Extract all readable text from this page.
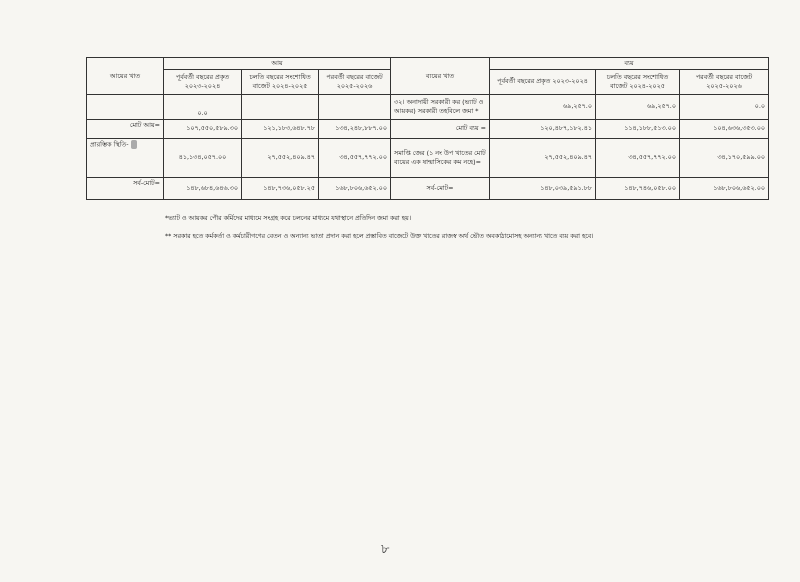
আয়ের খাত	আয়			ব্যয়ের খাত	ব্যয়		
	পূর্ববর্তী বছরের প্রকৃত ২০২৩-২০২৪	চলতি বছরের সংশোধিত বাজেট ২০২৪-২০২৫	পরবর্তী বছরের বাজেট ২০২৫-২০২৬		পূর্ববর্তী বছরের প্রকৃত ২০২৩-২০২৪	চলতি বছরের সংশোধিত বাজেট ২০২৪-২০২৫	পরবর্তী বছরের বাজেট ২০২৫-২০২৬
	০.০			৩২। অনাদায়ী সরকারী কর (ভ্যাট ও আয়কর) সরকারী তহবিলে জমা *	৬৯,২৫৭.০	৬৯,২৫৭.০	০.০
মোট আয়=	১০৭,৫৫০,৫৮৯.৩০	১২১,১৮৩,৬৪৮.৭৮	১৩৪,২৪৮,৮৮৭.০০	মোট ব্যয় =	১২০,৪৮৭,১৮২.৪১	১১৪,১৮৮,৫১৩.০০	১০৪,৬৩৬,৩৫৩.০০
প্রারম্ভিক স্থিতি-	৪১,১৩৪,০৫৭.০০	২৭,৫৫২,৪০৯.৪৭	৩৪,৫৫৭,৭৭২.০০	সমাপ্তি জের (১ নং উপ খাতের মোট ব্যয়ের এক ষান্মাসিকের কম নহে)=	২৭,৫৫২,৪০৯.৪৭	৩৪,৫৫৭,৭৭২.০০	৩৪,১৭০,৫৯৯.০০
সর্ব-মোট=	১৪৮,৬৮৪,৬৪৬.৩০	১৪৮,৭৩৬,০৫৮.২৫	১৬৮,৮০৬,৬৫২.০০	সর্ব-মোট=	১৪৮,০৩৯,৫৯১.৮৮	১৪৮,৭৪৬,০৫৮.০০	১৬৮,৮০৬,৬৫২.০০
*ভ্যাট ও আয়কর পৌর কর্মিদের মাধ্যমে সংগ্রহ করে চলনের মাধ্যমে যথাস্থানে প্রতিদিন জমা করা হয়।
** সরকার হতে কর্মকর্তা ও কর্মচারীগণের বেতন ও অন্যান্য ভাতা প্রদান করা হলে প্রস্তাবিত বাজেটে উক্ত খাতের রাজস্ব অর্থ ভৌত অবকাঠামোসহ অন্যান্য খাতে ব্যয় করা হবে।
৮
